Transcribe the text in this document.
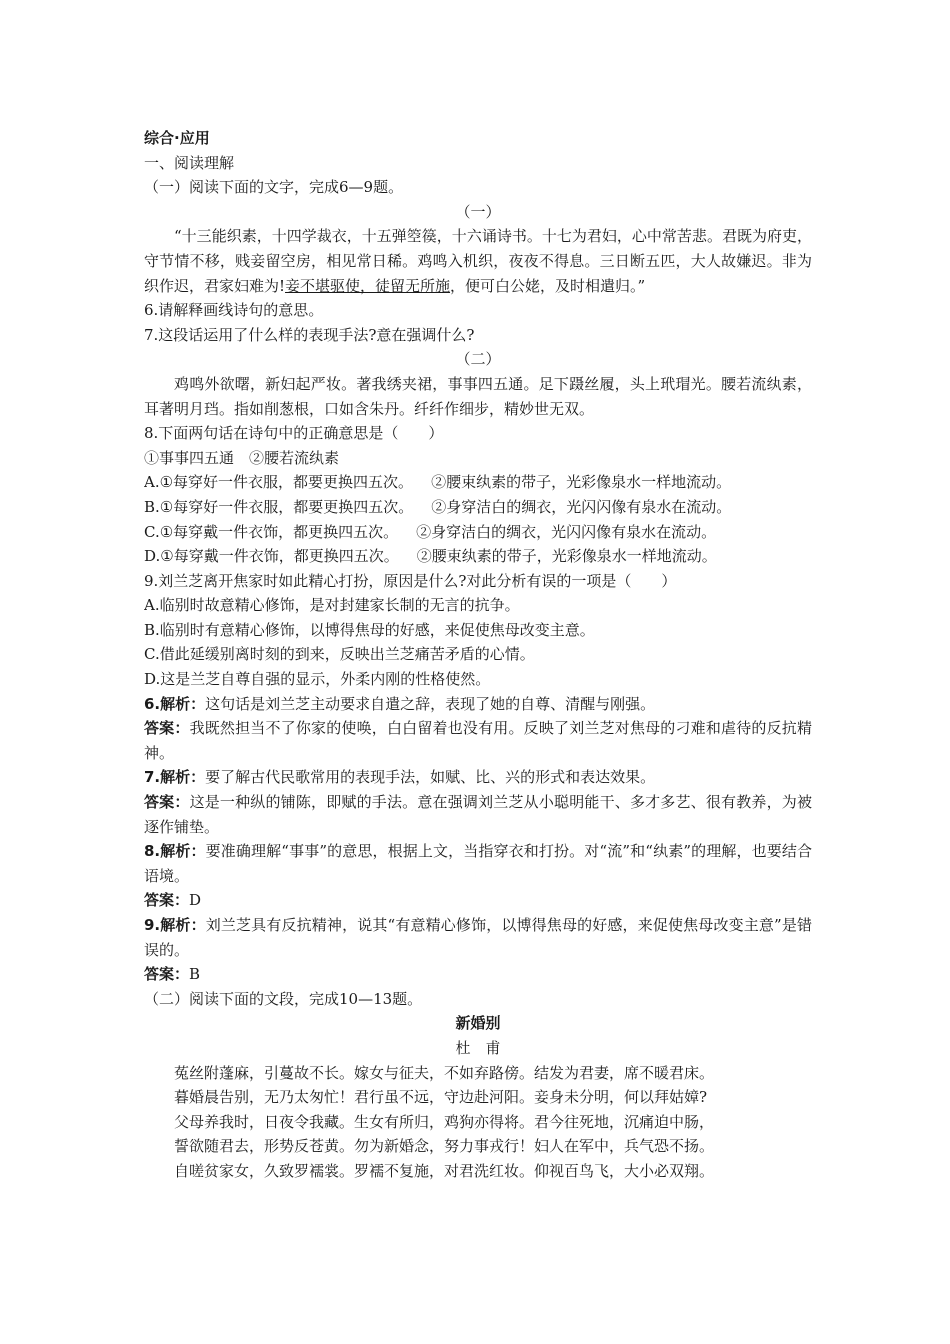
综合·应用
一、阅读理解
（一）阅读下面的文字，完成6—9题。
（一）
“十三能织素，十四学裁衣，十五弹箜篌，十六诵诗书。十七为君妇，心中常苦悲。君既为府吏，守节情不移，贱妾留空房，相见常日稀。鸡鸣入机织，夜夜不得息。三日断五匹，大人故嫌迟。非为织作迟，君家妇难为!妾不堪驱使，徒留无所施，便可白公姥，及时相遣归。”
6.请解释画线诗句的意思。
7.这段话运用了什么样的表现手法?意在强调什么?
（二）
鸡鸣外欲曙，新妇起严妆。著我绣夹裙，事事四五通。足下蹑丝履，头上玳瑁光。腰若流纨素，耳著明月珰。指如削葱根，口如含朱丹。纤纤作细步，精妙世无双。
8.下面两句话在诗句中的正确意思是（　　）
①事事四五通　②腰若流纨素
A.①每穿好一件衣服，都要更换四五次。 ②腰束纨素的带子，光彩像泉水一样地流动。
B.①每穿好一件衣服，都要更换四五次。 ②身穿洁白的绸衣，光闪闪像有泉水在流动。
C.①每穿戴一件衣饰，都更换四五次。 ②身穿洁白的绸衣，光闪闪像有泉水在流动。
D.①每穿戴一件衣饰，都更换四五次。 ②腰束纨素的带子，光彩像泉水一样地流动。
9.刘兰芝离开焦家时如此精心打扮，原因是什么?对此分析有误的一项是（　　）
A.临别时故意精心修饰，是对封建家长制的无言的抗争。
B.临别时有意精心修饰，以博得焦母的好感，来促使焦母改变主意。
C.借此延缓别离时刻的到来，反映出兰芝痛苦矛盾的心情。
D.这是兰芝自尊自强的显示，外柔内刚的性格使然。
6.解析：这句话是刘兰芝主动要求自遣之辞，表现了她的自尊、清醒与刚强。
答案：我既然担当不了你家的使唤，白白留着也没有用。反映了刘兰芝对焦母的刁难和虐待的反抗精神。
7.解析：要了解古代民歌常用的表现手法，如赋、比、兴的形式和表达效果。
答案：这是一种纵的铺陈，即赋的手法。意在强调刘兰芝从小聪明能干、多才多艺、很有教养，为被逐作铺垫。
8.解析：要准确理解“事事”的意思，根据上文，当指穿衣和打扮。对“流”和“纨素”的理解，也要结合语境。
答案：D
9.解析：刘兰芝具有反抗精神，说其“有意精心修饰，以博得焦母的好感，来促使焦母改变主意”是错误的。
答案：B
（二）阅读下面的文段，完成10—13题。
新婚别
杜　甫
菟丝附蓬麻，引蔓故不长。嫁女与征夫，不如弃路傍。结发为君妻，席不暖君床。
暮婚晨告别，无乃太匆忙！君行虽不远，守边赴河阳。妾身未分明，何以拜姑嫜?
父母养我时，日夜令我藏。生女有所归，鸡狗亦得将。君今往死地，沉痛迫中肠，
誓欲随君去，形势反苍黄。勿为新婚念，努力事戎行！妇人在军中，兵气恐不扬。
自嗟贫家女，久致罗襦裳。罗襦不复施，对君洗红妆。仰视百鸟飞，大小必双翔。
